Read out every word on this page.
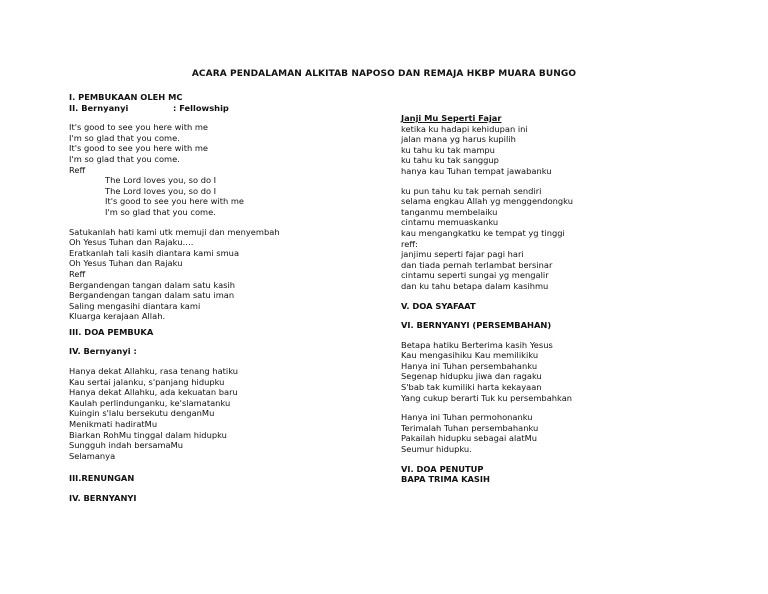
ACARA PENDALAMAN ALKITAB NAPOSO DAN REMAJA HKBP MUARA BUNGO
I. PEMBUKAAN OLEH MC
II. Bernyanyi	: Fellowship
It's good to see you here with me
I'm so glad that you come.
It's good to see you here with me
I'm so glad that you come.
Reff
The Lord loves you, so do I
The Lord loves you, so do I
It's good to see you here with me
I'm so glad that you come.
Satukanlah hati kami utk memuji dan menyembah
Oh Yesus Tuhan dan Rajaku….
Eratkanlah tali kasih diantara kami smua
Oh Yesus Tuhan dan Rajaku
Reff
Bergandengan tangan dalam satu kasih
Bergandengan tangan dalam satu iman
Saling mengasihi diantara kami
Kluarga kerajaan Allah.
III. DOA PEMBUKA
IV. Bernyanyi :
Hanya dekat Allahku, rasa tenang hatiku
Kau sertai jalanku, s'panjang hidupku
Hanya dekat Allahku, ada kekuatan baru
Kaulah perlindunganku, ke'slamatanku
Kuingin s'lalu bersekutu denganMu
Menikmati hadiratMu
Biarkan RohMu tinggal dalam hidupku
Sungguh indah bersamaMu
Selamanya
III.RENUNGAN
IV. BERNYANYI
Janji Mu Seperti Fajar
ketika ku hadapi kehidupan ini
jalan mana yg harus kupilih
ku tahu ku tak mampu
ku tahu ku tak sanggup
hanya kau Tuhan tempat jawabanku
ku pun tahu ku tak pernah sendiri
selama engkau Allah yg menggendongku
tanganmu membelaiku
cintamu memuaskanku
kau mengangkatku ke tempat yg tinggi
reff:
janjimu seperti fajar pagi hari
dan tiada pernah terlambat bersinar
cintamu seperti sungai yg mengalir
dan ku tahu betapa dalam kasihmu
V. DOA SYAFAAT
VI. BERNYANYI (PERSEMBAHAN)
Betapa hatiku Berterima kasih Yesus
Kau mengasihiku Kau memilikiku
Hanya ini Tuhan persembahanku
Segenap hidupku jiwa dan ragaku
S'bab tak kumiliki harta kekayaan
Yang cukup berarti Tuk ku persembahkan
Hanya ini Tuhan permohonanku
Terimalah Tuhan persembahanku
Pakailah hidupku sebagai alatMu
Seumur hidupku.
VI. DOA PENUTUP
BAPA TRIMA KASIH
